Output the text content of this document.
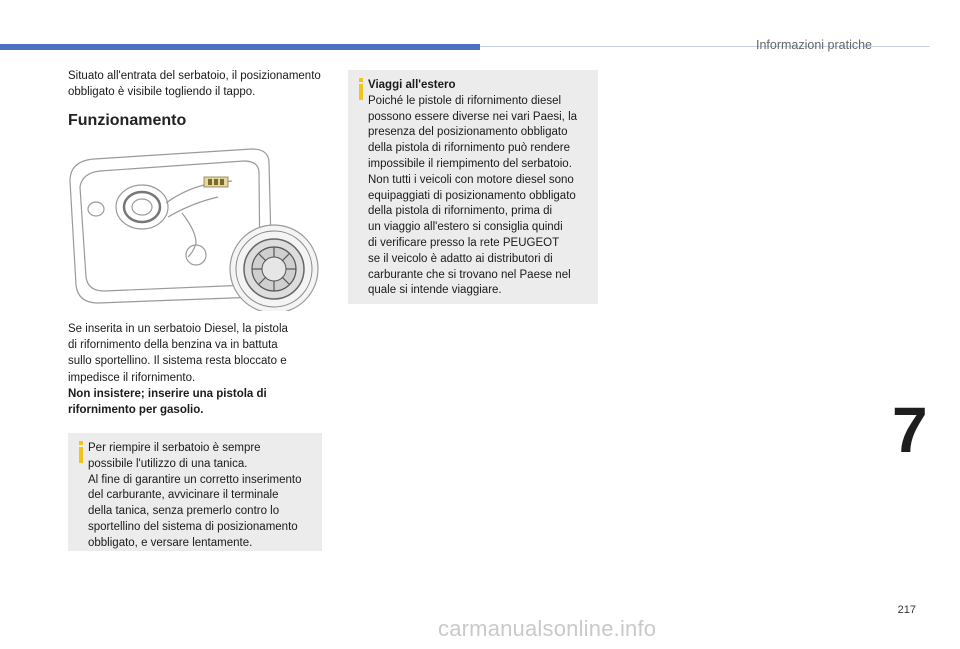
Informazioni pratiche

Situato all'entrata del serbatoio, il posizionamento obbligato è visibile togliendo il tappo.

Funzionamento
Se inserita in un serbatoio Diesel, la pistola
di rifornimento della benzina va in battuta
sullo sportellino. Il sistema resta bloccato e
impedisce il rifornimento.
Non insistere; inserire una pistola di
rifornimento per gasolio.
Per riempire il serbatoio è sempre
possibile l'utilizzo di una tanica.
Al fine di garantire un corretto inserimento
del carburante, avvicinare il terminale
della tanica, senza premerlo contro lo
sportellino del sistema di posizionamento
obbligato, e versare lentamente.
Viaggi all'estero
Poiché le pistole di rifornimento diesel
possono essere diverse nei vari Paesi, la
presenza del posizionamento obbligato
della pistola di rifornimento può rendere
impossibile il riempimento del serbatoio.
Non tutti i veicoli con motore diesel sono
equipaggiati di posizionamento obbligato
della pistola di rifornimento, prima di
un viaggio all'estero si consiglia quindi
di verificare presso la rete PEUGEOT
se il veicolo è adatto ai distributori di
carburante che si trovano nel Paese nel
quale si intende viaggiare.
7
217
carmanualsonline.info
